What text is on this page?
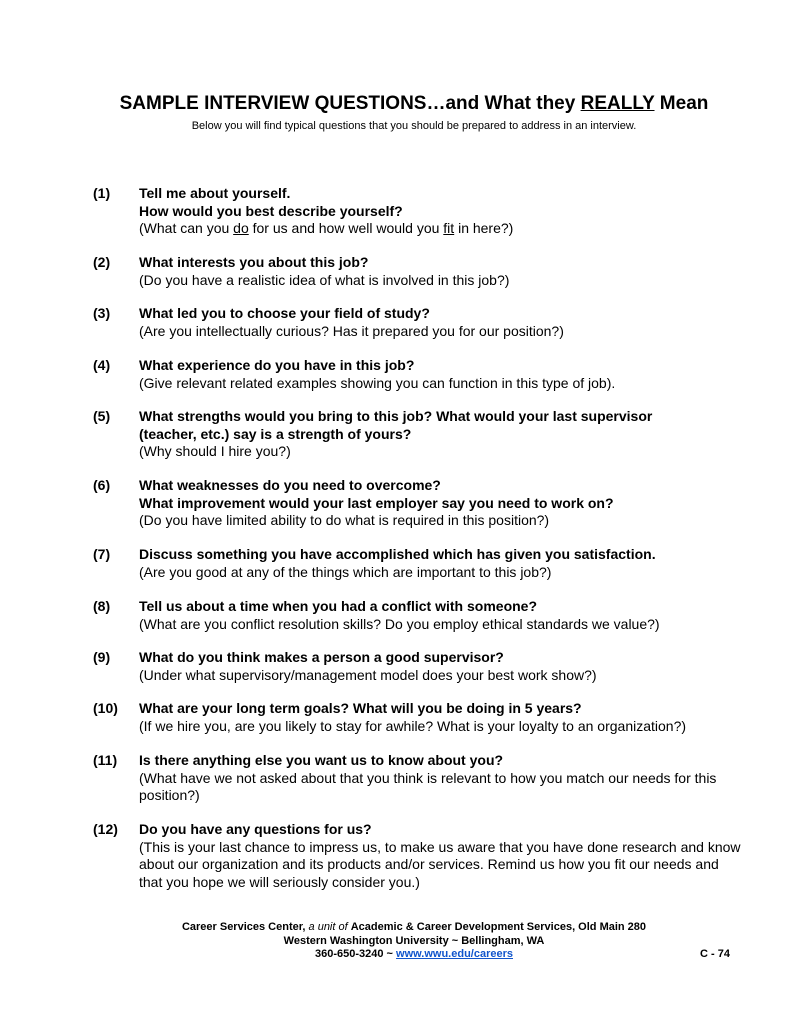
SAMPLE INTERVIEW QUESTIONS…and What they REALLY Mean
Below you will find typical questions that you should be prepared to address in an interview.
(1) Tell me about yourself.
How would you best describe yourself?
(What can you do for us and how well would you fit in here?)
(2) What interests you about this job?
(Do you have a realistic idea of what is involved in this job?)
(3) What led you to choose your field of study?
(Are you intellectually curious? Has it prepared you for our position?)
(4) What experience do you have in this job?
(Give relevant related examples showing you can function in this type of job).
(5) What strengths would you bring to this job? What would your last supervisor
(teacher, etc.) say is a strength of yours?
(Why should I hire you?)
(6) What weaknesses do you need to overcome?
What improvement would your last employer say you need to work on?
(Do you have limited ability to do what is required in this position?)
(7) Discuss something you have accomplished which has given you satisfaction.
(Are you good at any of the things which are important to this job?)
(8) Tell us about a time when you had a conflict with someone?
(What are you conflict resolution skills? Do you employ ethical standards we value?)
(9) What do you think makes a person a good supervisor?
(Under what supervisory/management model does your best work show?)
(10) What are your long term goals? What will you be doing in 5 years?
(If we hire you, are you likely to stay for awhile? What is your loyalty to an organization?)
(11) Is there anything else you want us to know about you?
(What have we not asked about that you think is relevant to how you match our needs for this position?)
(12) Do you have any questions for us?
(This is your last chance to impress us, to make us aware that you have done research and know about our organization and its products and/or services. Remind us how you fit our needs and that you hope we will seriously consider you.)
Career Services Center, a unit of Academic & Career Development Services, Old Main 280
Western Washington University ~ Bellingham, WA
360-650-3240 ~ www.wwu.edu/careers	C - 74
